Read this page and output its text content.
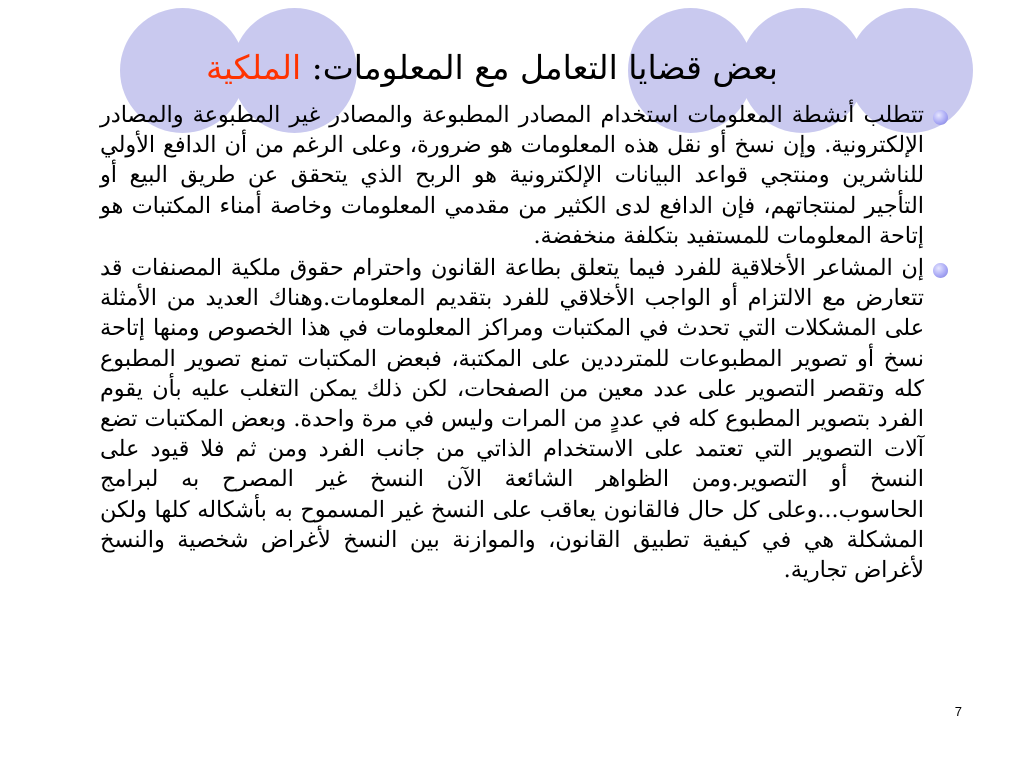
بعض قضايا التعامل مع المعلومات: الملكية

تتطلب أنشطة المعلومات استخدام المصادر المطبوعة والمصادر غير المطبوعة والمصادر الإلكترونية. وإن نسخ أو نقل هذه المعلومات هو ضرورة، وعلى الرغم من أن الدافع الأولي للناشرين ومنتجي قواعد البيانات الإلكترونية هو الربح الذي يتحقق عن طريق البيع أو التأجير لمنتجاتهم، فإن الدافع لدى الكثير من مقدمي المعلومات وخاصة أمناء المكتبات هو إتاحة المعلومات للمستفيد بتكلفة منخفضة.

إن المشاعر الأخلاقية للفرد فيما يتعلق بطاعة القانون واحترام حقوق ملكية المصنفات قد تتعارض مع الالتزام أو الواجب الأخلاقي للفرد بتقديم المعلومات.وهناك العديد من الأمثلة على المشكلات التي تحدث في المكتبات ومراكز المعلومات في هذا الخصوص ومنها إتاحة نسخ أو تصوير المطبوعات للمترددين على المكتبة، فبعض المكتبات تمنع تصوير المطبوع كله وتقصر التصوير على عدد معين من الصفحات، لكن ذلك يمكن التغلب عليه بأن يقوم الفرد بتصوير المطبوع كله في عددٍ من المرات وليس في مرة واحدة. وبعض المكتبات تضع آلات التصوير التي تعتمد على الاستخدام الذاتي من جانب الفرد ومن ثم فلا قيود على النسخ أو التصوير.ومن الظواهر الشائعة الآن النسخ غير المصرح به لبرامج الحاسوب...وعلى كل حال فالقانون يعاقب على النسخ غير المسموح به بأشكاله كلها ولكن المشكلة هي في كيفية تطبيق القانون، والموازنة بين النسخ لأغراض شخصية والنسخ لأغراض تجارية.

7
